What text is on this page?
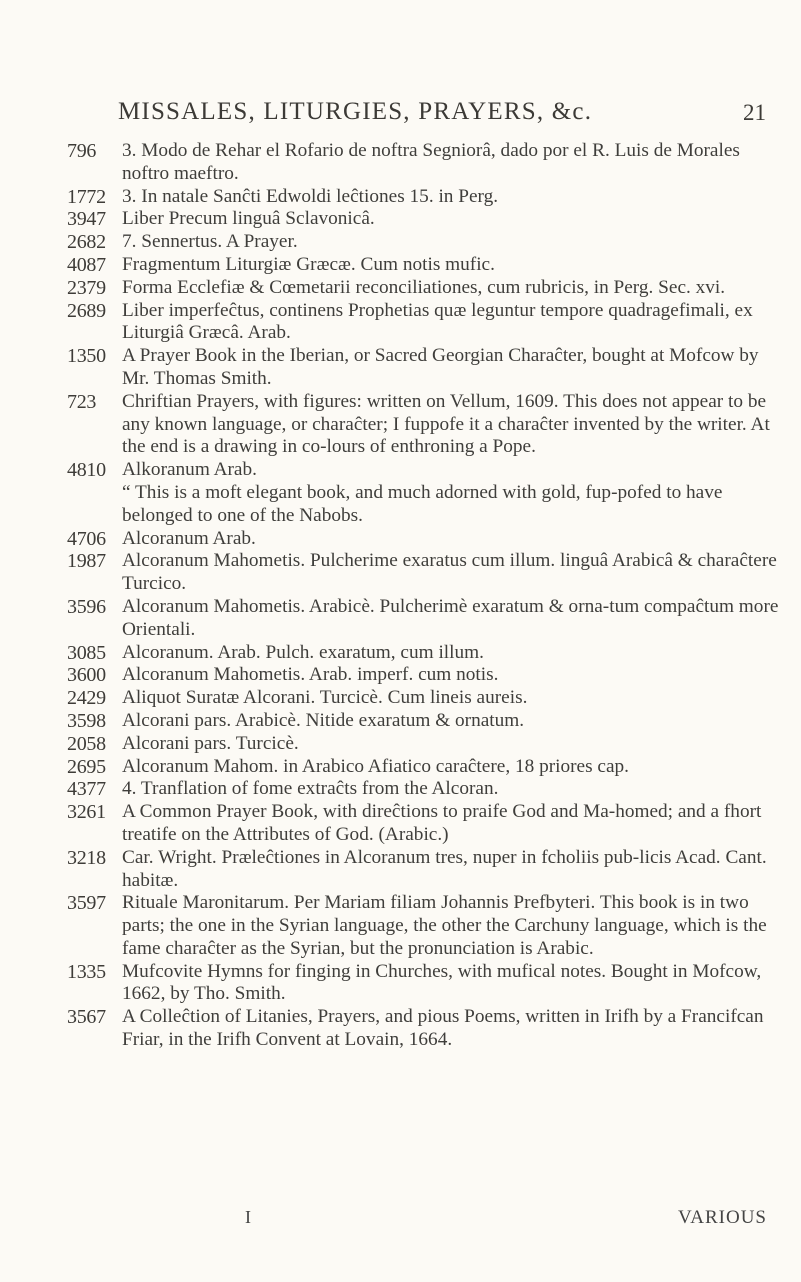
MISSALES, LITURGIES, PRAYERS, &c.	21
796 3. Modo de Rehar el Rofario de noftra Segniorâ, dado por el R. Luis de Morales noftro maeftro.
1772 3. In natale Sanĉti Edwoldi leĉtiones 15. in Perg.
3947 Liber Precum linguâ Sclavonicâ.
2682 7. Sennertus. A Prayer.
4087 Fragmentum Liturgiæ Græcæ. Cum notis mufic.
2379 Forma Ecclefiæ & Cœmetarii reconciliationes, cum rubricis, in Perg. Sec. xvi.
2689 Liber imperfeĉtus, continens Prophetias quæ leguntur tempore quadragefimali, ex Liturgiâ Græcâ. Arab.
1350 A Prayer Book in the Iberian, or Sacred Georgian Charaĉter, bought at Mofcow by Mr. Thomas Smith.
723 Chriftian Prayers, with figures: written on Vellum, 1609. This does not appear to be any known language, or charaĉter; I fuppofe it a charaĉter invented by the writer. At the end is a drawing in co-lours of enthroning a Pope.
4810 Alkoranum Arab.
“ This is a moft elegant book, and much adorned with gold, fup-pofed to have belonged to one of the Nabobs.
4706 Alcoranum Arab.
1987 Alcoranum Mahometis. Pulcherime exaratus cum illum. linguâ Arabicâ & charaĉtere Turcico.
3596 Alcoranum Mahometis. Arabicè. Pulcherimè exaratum & orna-tum compaĉtum more Orientali.
3085 Alcoranum. Arab. Pulch. exaratum, cum illum.
3600 Alcoranum Mahometis. Arab. imperf. cum notis.
2429 Aliquot Suratæ Alcorani. Turcicè. Cum lineis aureis.
3598 Alcorani pars. Arabicè. Nitide exaratum & ornatum.
2058 Alcorani pars. Turcicè.
2695 Alcoranum Mahom. in Arabico Afiatico caraĉtere, 18 priores cap.
4377 4. Tranflation of fome extraĉts from the Alcoran.
3261 A Common Prayer Book, with direĉtions to praife God and Ma-homed; and a fhort treatife on the Attributes of God. (Arabic.)
3218 Car. Wright. Præleĉtiones in Alcoranum tres, nuper in fcholiis pub-licis Acad. Cant. habitæ.
3597 Rituale Maronitarum. Per Mariam filiam Johannis Prefbyteri. This book is in two parts; the one in the Syrian language, the other the Carchuny language, which is the fame charaĉter as the Syrian, but the pronunciation is Arabic.
1335 Mufcovite Hymns for finging in Churches, with mufical notes. Bought in Mofcow, 1662, by Tho. Smith.
3567 A Colleĉtion of Litanies, Prayers, and pious Poems, written in Irifh by a Francifcan Friar, in the Irifh Convent at Lovain, 1664.
I	VARIOUS
